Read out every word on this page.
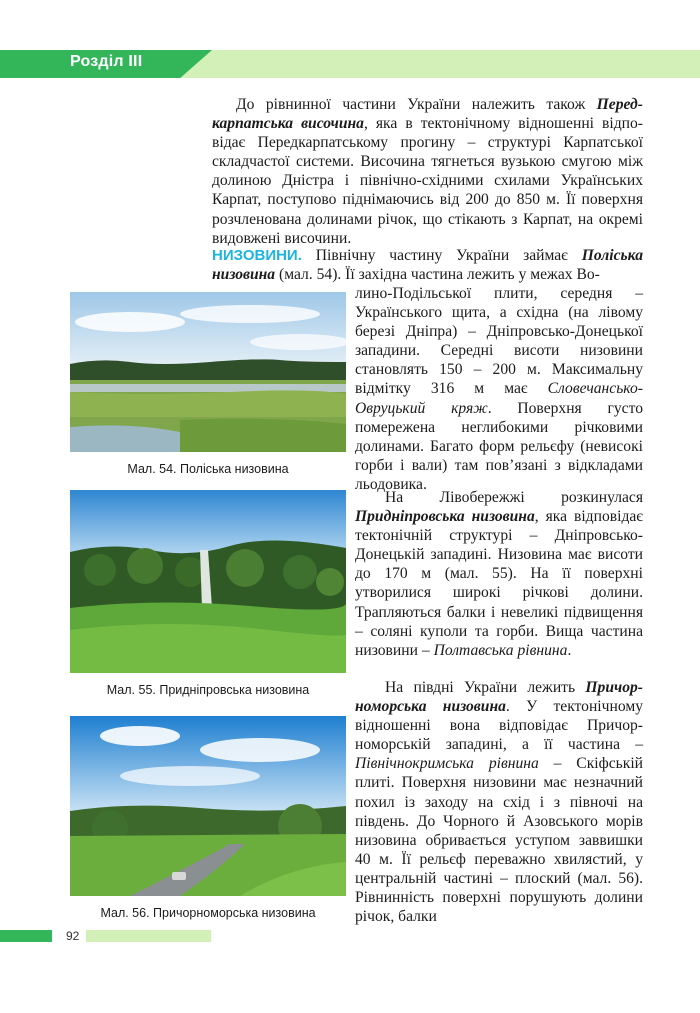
Розділ ІІІ

До рівнинної частини України належить також Передкарпатська височина, яка в тектонічному відношенні відповідає Передкарпатському прогину – структурі Карпатської складчастої системи. Височина тягнеться вузькою смугою між долиною Дністра і північно-східними схилами Українських Карпат, поступово піднімаючись від 200 до 850 м. Її поверхня розчленована долинами річок, що стікають з Карпат, на окремі видовжені височини.

НИЗОВИНИ. Північну частину України займає Поліська низовина (мал. 54). Її західна частина лежить у межах Во-

лино-Подільської плити, середня – Українського щита, а східна (на лівому березі Дніпра) – Дніпровсько-Донецької западини. Середні висоти низовини становлять 150 – 200 м. Максимальну відмітку 316 м має Словечансько-Овруцький кряж. Поверхня густо помережена неглибокими річковими долинами. Багато форм рельєфу (невисокі горби і вали) там пов’язані з відкладами льодовика.

На Лівобережжі розкинулася Придніпровська низовина, яка відповідає тектонічній структурі – Дніпровсько-Донецькій западині. Низовина має висоти до 170 м (мал. 55). На її поверхні утворилися широкі річкові долини. Трапляються балки і невеликі підвищення – соляні куполи та горби. Вища частина низовини – Полтавська рівнина.

На півдні України лежить Причорноморська низовина. У тектонічному відношенні вона відповідає Причорноморській западині, а її частина – Північнокримська рівнина – Скіфській плиті. Поверхня низовини має незначний похил із заходу на схід і з півночі на південь. До Чорного й Азовського морів низовина обривається уступом заввишки 40 м. Її рельєф переважно хвилястий, у центральній частині – плоский (мал. 56). Рівнинність поверхні порушують долини річок, балки

Мал. 54. Поліська низовина
Мал. 55. Придніпровська низовина
Мал. 56. Причорноморська низовина
92
